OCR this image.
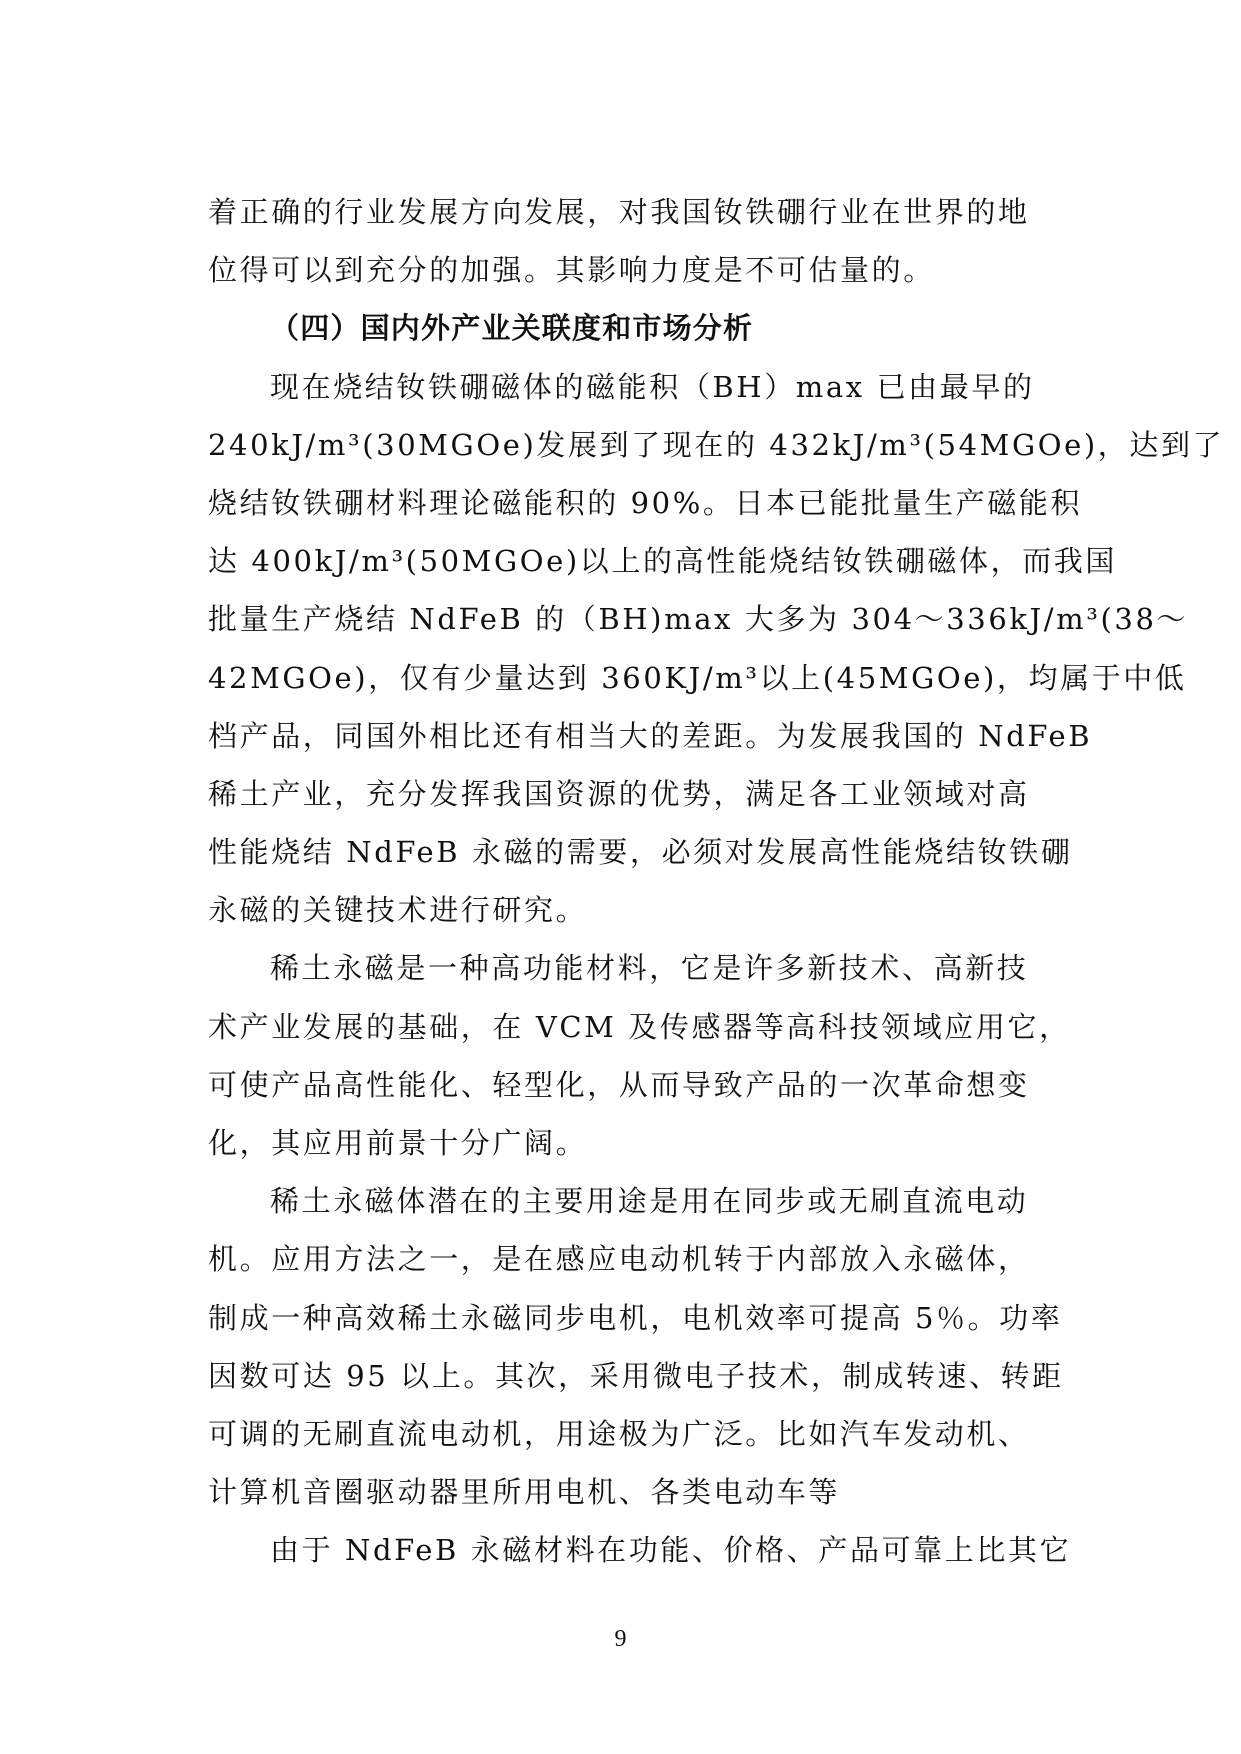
着正确的行业发展方向发展，对我国钕铁硼行业在世界的地
位得可以到充分的加强。其影响力度是不可估量的。
（四）国内外产业关联度和市场分析
现在烧结钕铁硼磁体的磁能积（BH）max 已由最早的
240kJ/m³(30MGOe)发展到了现在的 432kJ/m³(54MGOe)，达到了
烧结钕铁硼材料理论磁能积的 90%。日本已能批量生产磁能积
达 400kJ/m³(50MGOe)以上的高性能烧结钕铁硼磁体，而我国
批量生产烧结 NdFeB 的（BH)max 大多为 304～336kJ/m³(38～
42MGOe)，仅有少量达到 360KJ/m³以上(45MGOe)，均属于中低
档产品，同国外相比还有相当大的差距。为发展我国的 NdFeB
稀土产业，充分发挥我国资源的优势，满足各工业领域对高
性能烧结 NdFeB 永磁的需要，必须对发展高性能烧结钕铁硼
永磁的关键技术进行研究。
稀土永磁是一种高功能材料，它是许多新技术、高新技
术产业发展的基础，在 VCM 及传感器等高科技领域应用它，
可使产品高性能化、轻型化，从而导致产品的一次革命想变
化，其应用前景十分广阔。
稀土永磁体潜在的主要用途是用在同步或无刷直流电动
机。应用方法之一，是在感应电动机转于内部放入永磁体，
制成一种高效稀土永磁同步电机，电机效率可提高 5％。功率
因数可达 95 以上。其次，采用微电子技术，制成转速、转距
可调的无刷直流电动机，用途极为广泛。比如汽车发动机、
计算机音圈驱动器里所用电机、各类电动车等
由于 NdFeB 永磁材料在功能、价格、产品可靠上比其它
9
